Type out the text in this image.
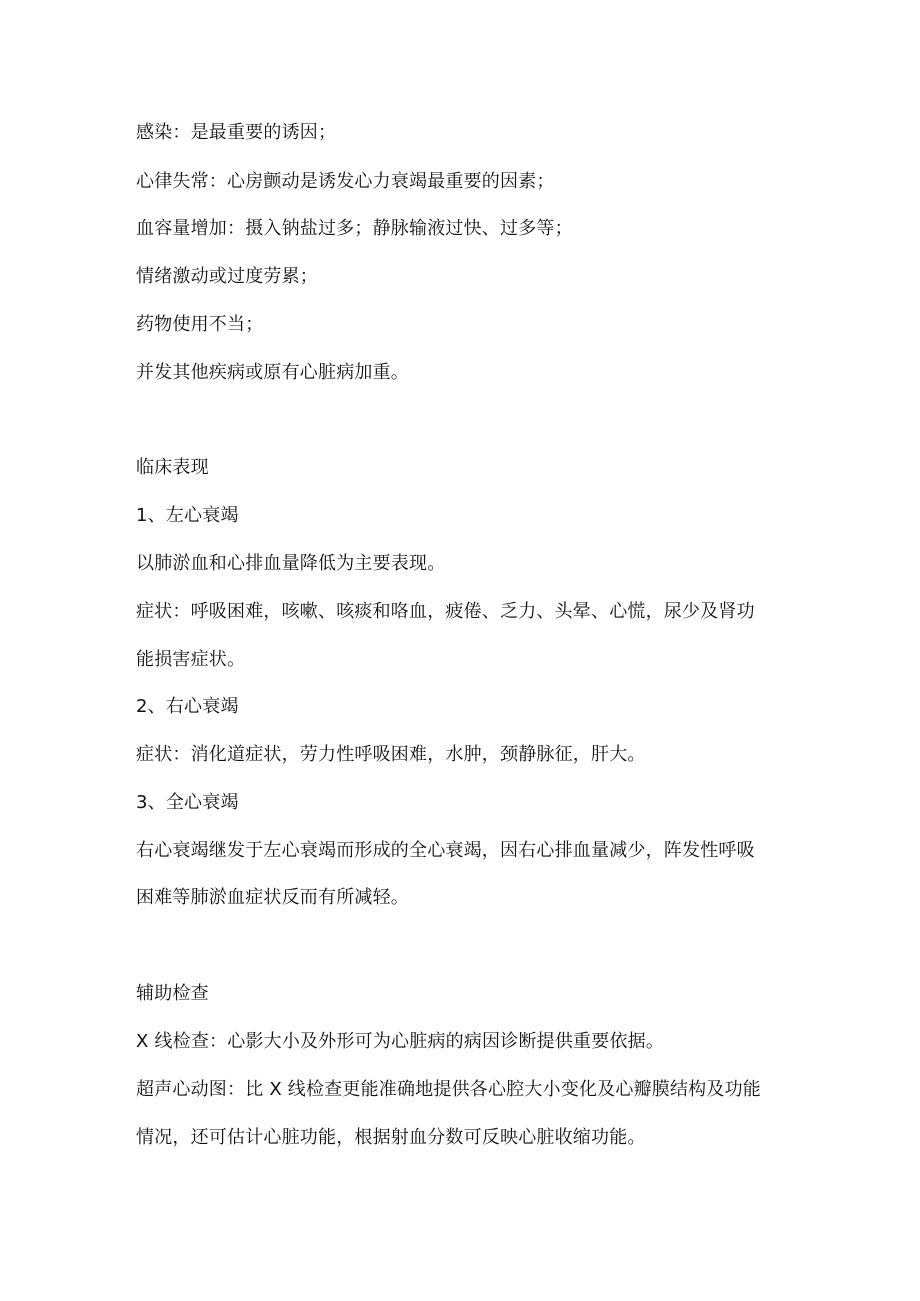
感染：是最重要的诱因；
心律失常：心房颤动是诱发心力衰竭最重要的因素；
血容量增加：摄入钠盐过多；静脉输液过快、过多等；
情绪激动或过度劳累；
药物使用不当；
并发其他疾病或原有心脏病加重。
临床表现
1、左心衰竭
以肺淤血和心排血量降低为主要表现。
症状：呼吸困难，咳嗽、咳痰和咯血，疲倦、乏力、头晕、心慌，尿少及肾功
能损害症状。
2、右心衰竭
症状：消化道症状，劳力性呼吸困难，水肿，颈静脉征，肝大。
3、全心衰竭
右心衰竭继发于左心衰竭而形成的全心衰竭，因右心排血量减少，阵发性呼吸
困难等肺淤血症状反而有所减轻。
辅助检查
X 线检查：心影大小及外形可为心脏病的病因诊断提供重要依据。
超声心动图：比 X 线检查更能准确地提供各心腔大小变化及心瓣膜结构及功能
情况，还可估计心脏功能，根据射血分数可反映心脏收缩功能。
